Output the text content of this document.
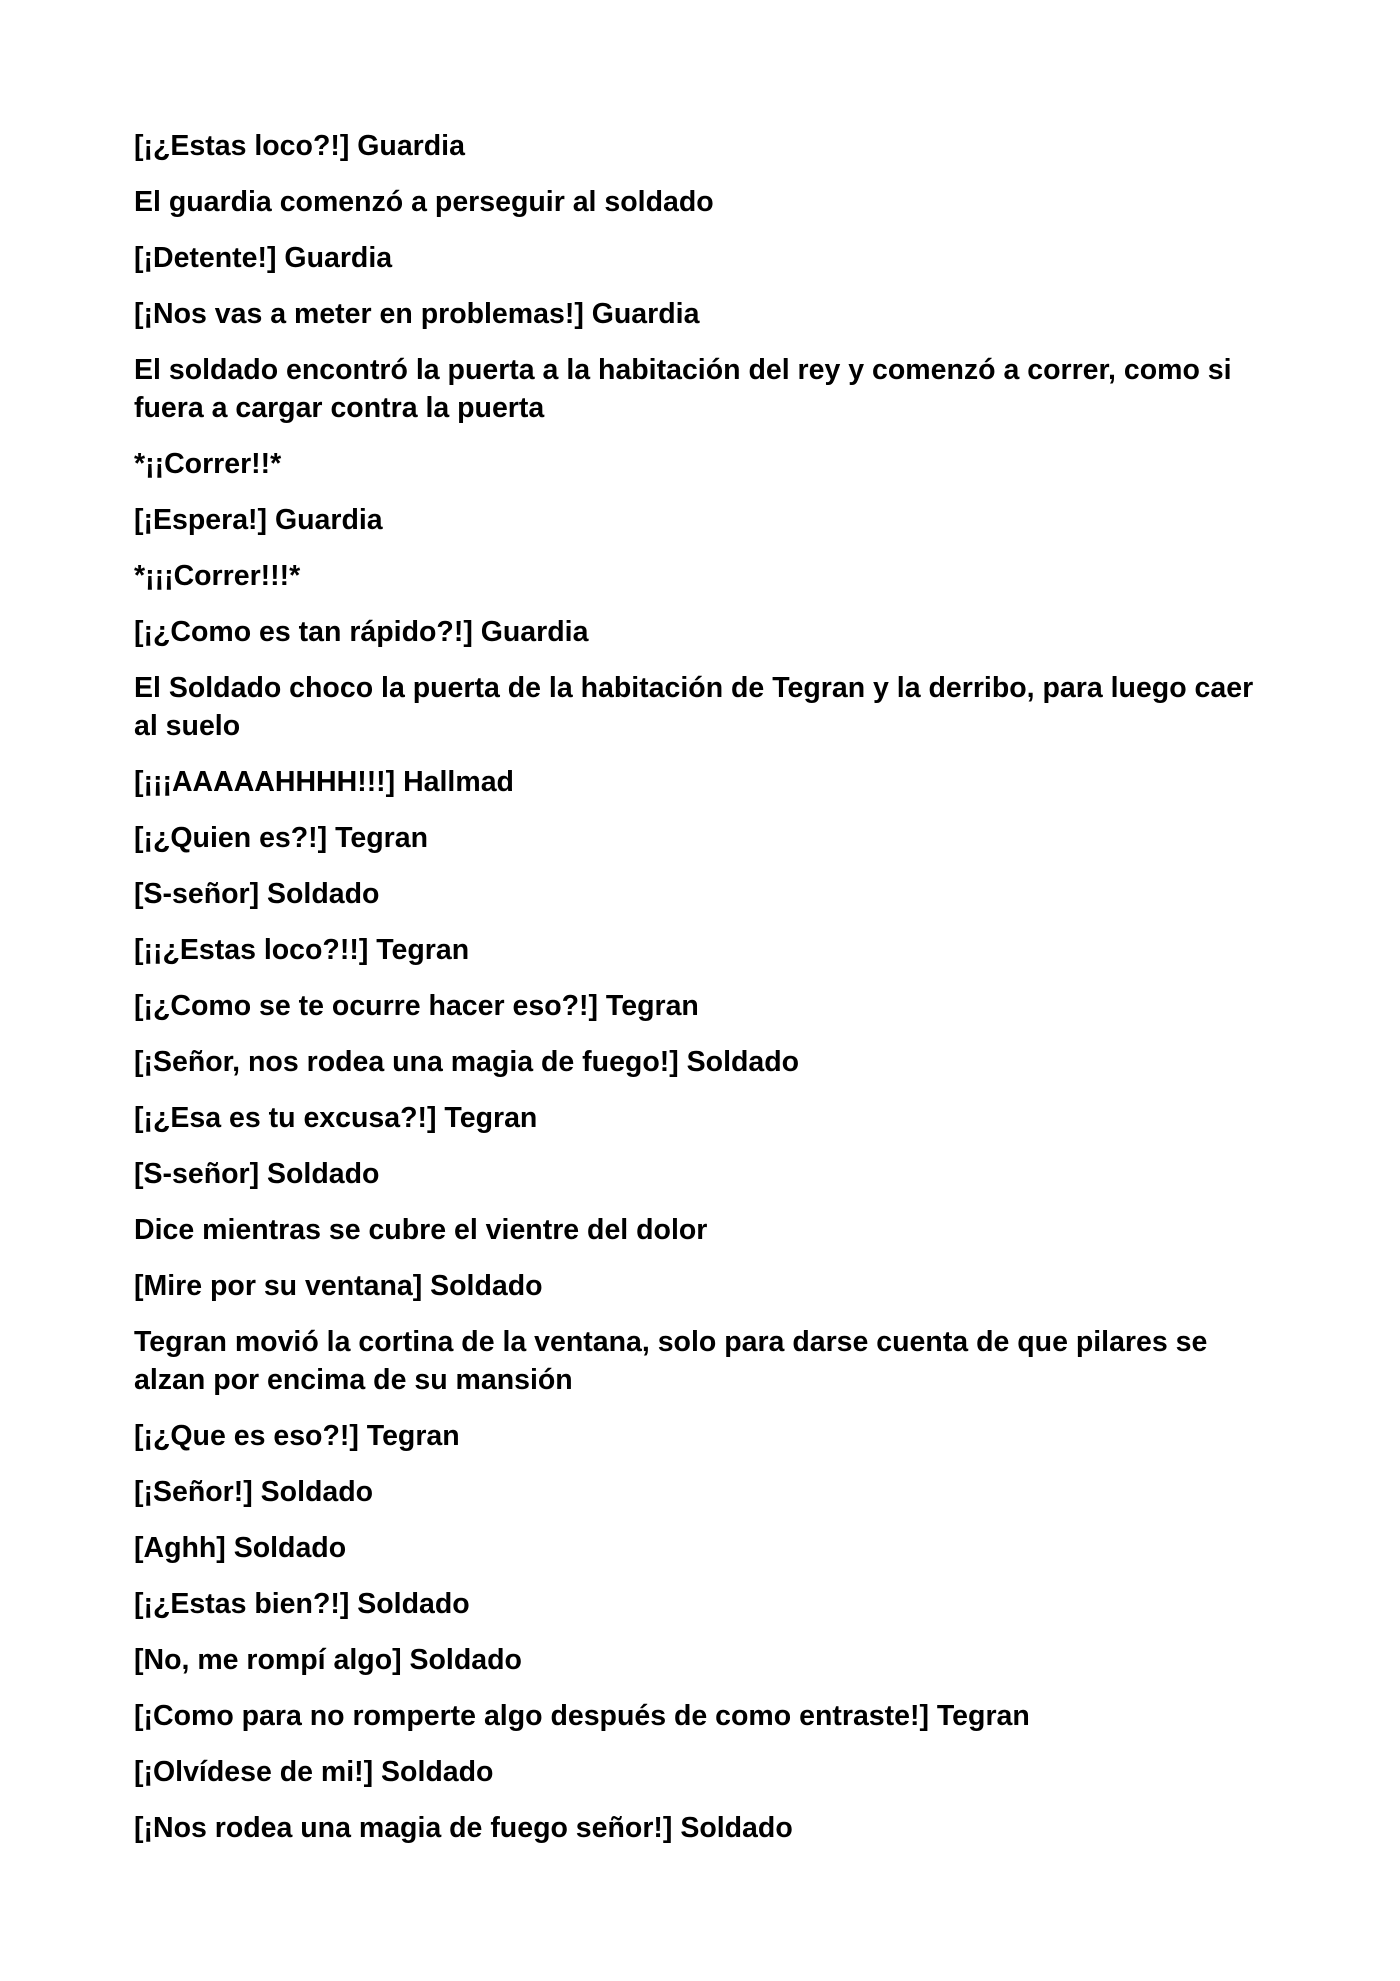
[¡¿Estas loco?!] Guardia

El guardia comenzó a perseguir al soldado

[¡Detente!] Guardia

[¡Nos vas a meter en problemas!] Guardia

El soldado encontró la puerta a la habitación del rey y comenzó a correr, como si fuera a cargar contra la puerta

*¡¡Correr!!*

[¡Espera!] Guardia

*¡¡¡Correr!!!*

[¡¿Como es tan rápido?!] Guardia

El Soldado choco la puerta de la habitación de Tegran y la derribo, para luego caer al suelo

[¡¡¡AAAAAHHHH!!!] Hallmad

[¡¿Quien es?!] Tegran

[S-señor] Soldado

[¡¡¿Estas loco?!!] Tegran

[¡¿Como se te ocurre hacer eso?!] Tegran

[¡Señor, nos rodea una magia de fuego!] Soldado

[¡¿Esa es tu excusa?!] Tegran

[S-señor] Soldado

Dice mientras se cubre el vientre del dolor

[Mire por su ventana] Soldado

Tegran movió la cortina de la ventana, solo para darse cuenta de que pilares se alzan por encima de su mansión

[¡¿Que es eso?!] Tegran

[¡Señor!] Soldado

[Aghh] Soldado

[¡¿Estas bien?!] Soldado

[No, me rompí algo] Soldado

[¡Como para no romperte algo después de como entraste!] Tegran

[¡Olvídese de mi!] Soldado

[¡Nos rodea una magia de fuego señor!] Soldado
